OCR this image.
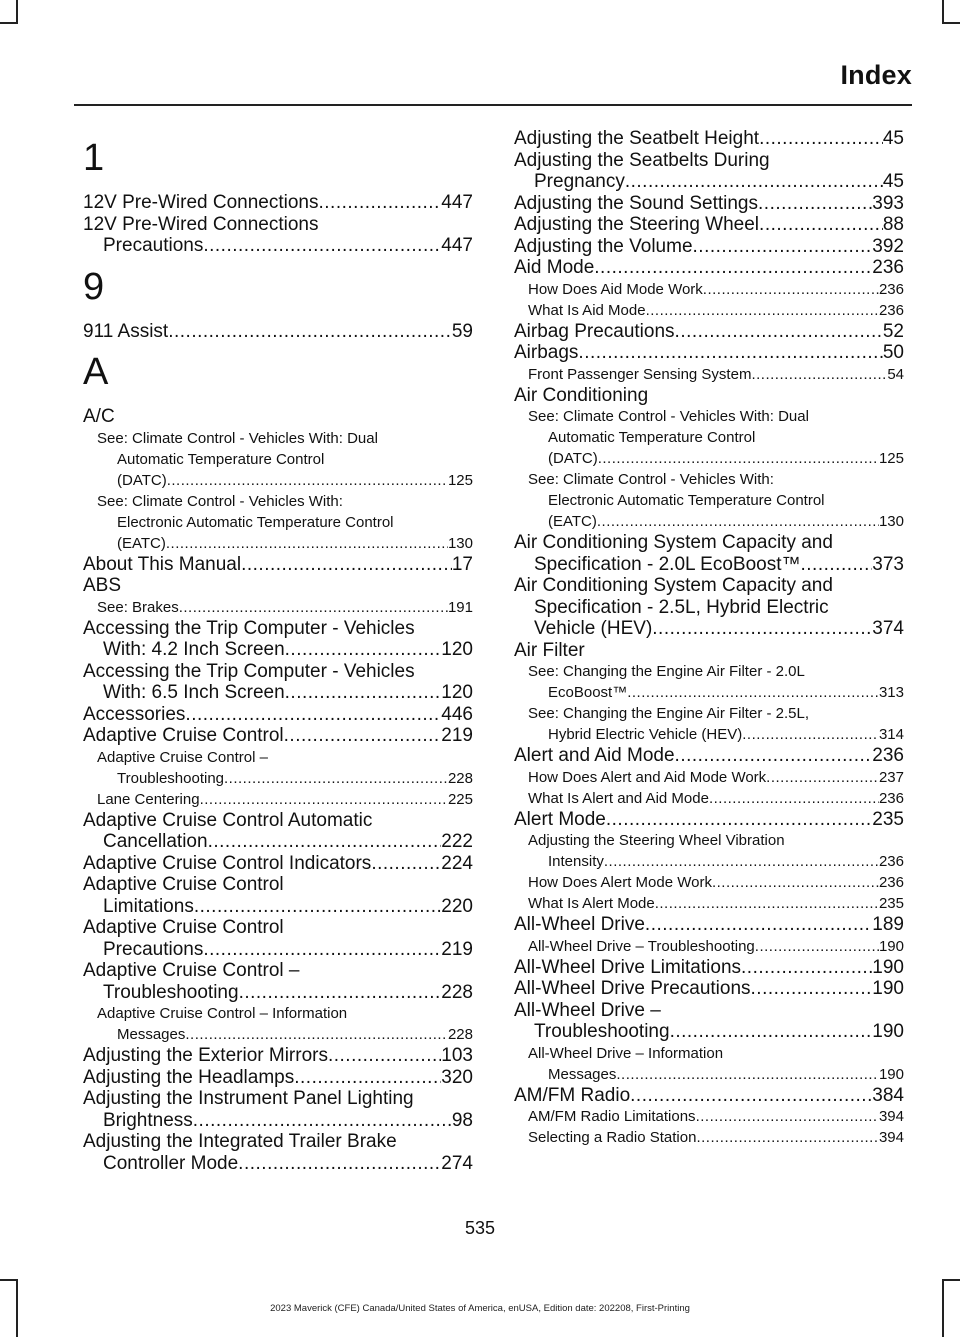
Index
1
12V Pre-Wired Connections .....	447
12V Pre-Wired Connections
Precautions .....	447
9
911 Assist .....	59
A
A/C
See: Climate Control - Vehicles With: Dual
Automatic Temperature Control
(DATC) .....	125
See: Climate Control - Vehicles With:
Electronic Automatic Temperature Control
(EATC) .....	130
About This Manual .....	17
ABS
See: Brakes .....	191
Accessing the Trip Computer - Vehicles
With: 4.2 Inch Screen .....	120
Accessing the Trip Computer - Vehicles
With: 6.5 Inch Screen .....	120
Accessories .....	446
Adaptive Cruise Control .....	219
Adaptive Cruise Control –
Troubleshooting .....	228
Lane Centering .....	225
Adaptive Cruise Control Automatic
Cancellation .....	222
Adaptive Cruise Control Indicators .....	224
Adaptive Cruise Control
Limitations .....	220
Adaptive Cruise Control
Precautions .....	219
Adaptive Cruise Control –
Troubleshooting .....	228
Adaptive Cruise Control – Information
Messages .....	228
Adjusting the Exterior Mirrors .....	103
Adjusting the Headlamps .....	320
Adjusting the Instrument Panel Lighting
Brightness .....	98
Adjusting the Integrated Trailer Brake
Controller Mode .....	274
Adjusting the Seatbelt Height .....	45
Adjusting the Seatbelts During
Pregnancy .....	45
Adjusting the Sound Settings .....	393
Adjusting the Steering Wheel .....	88
Adjusting the Volume .....	392
Aid Mode .....	236
How Does Aid Mode Work .....	236
What Is Aid Mode .....	236
Airbag Precautions .....	52
Airbags .....	50
Front Passenger Sensing System .....	54
Air Conditioning
See: Climate Control - Vehicles With: Dual
Automatic Temperature Control
(DATC) .....	125
See: Climate Control - Vehicles With:
Electronic Automatic Temperature Control
(EATC) .....	130
Air Conditioning System Capacity and
Specification - 2.0L EcoBoost™ .....	373
Air Conditioning System Capacity and
Specification - 2.5L, Hybrid Electric
Vehicle (HEV) .....	374
Air Filter
See: Changing the Engine Air Filter - 2.0L
EcoBoost™ .....	313
See: Changing the Engine Air Filter - 2.5L,
Hybrid Electric Vehicle (HEV) .....	314
Alert and Aid Mode .....	236
How Does Alert and Aid Mode Work .....	237
What Is Alert and Aid Mode .....	236
Alert Mode .....	235
Adjusting the Steering Wheel Vibration
Intensity .....	236
How Does Alert Mode Work .....	236
What Is Alert Mode .....	235
All-Wheel Drive .....	189
All-Wheel Drive – Troubleshooting .....	190
All-Wheel Drive Limitations .....	190
All-Wheel Drive Precautions .....	190
All-Wheel Drive –
Troubleshooting .....	190
All-Wheel Drive – Information
Messages .....	190
AM/FM Radio .....	384
AM/FM Radio Limitations .....	394
Selecting a Radio Station .....	394
535
2023 Maverick (CFE) Canada/United States of America, enUSA, Edition date: 202208, First-Printing
